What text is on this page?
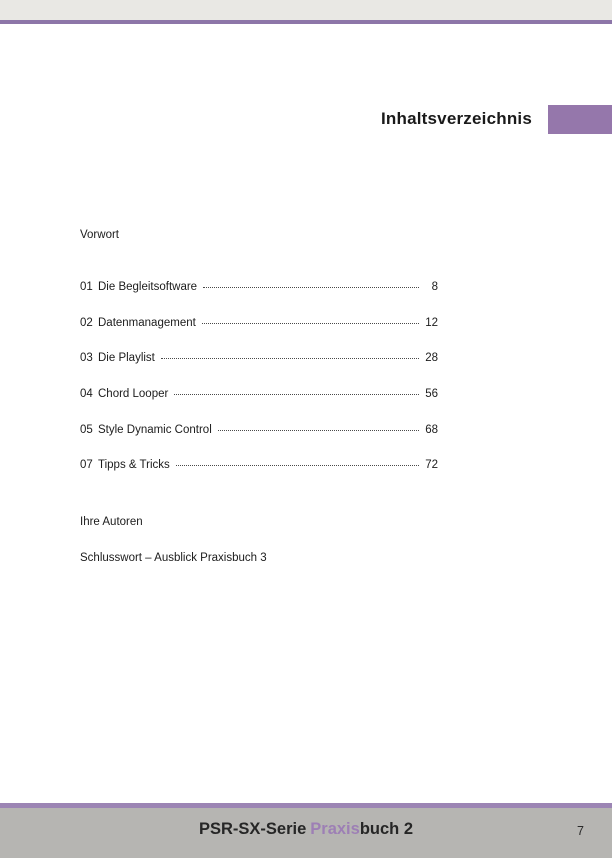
Inhaltsverzeichnis
Vorwort
01 Die Begleitsoftware	8
02 Datenmanagement	12
03 Die Playlist	28
04 Chord Looper	56
05 Style Dynamic Control	68
07 Tipps & Tricks	72
Ihre Autoren
Schlusswort – Ausblick Praxisbuch 3
PSR-SX-Serie Praxisbuch 2	7
